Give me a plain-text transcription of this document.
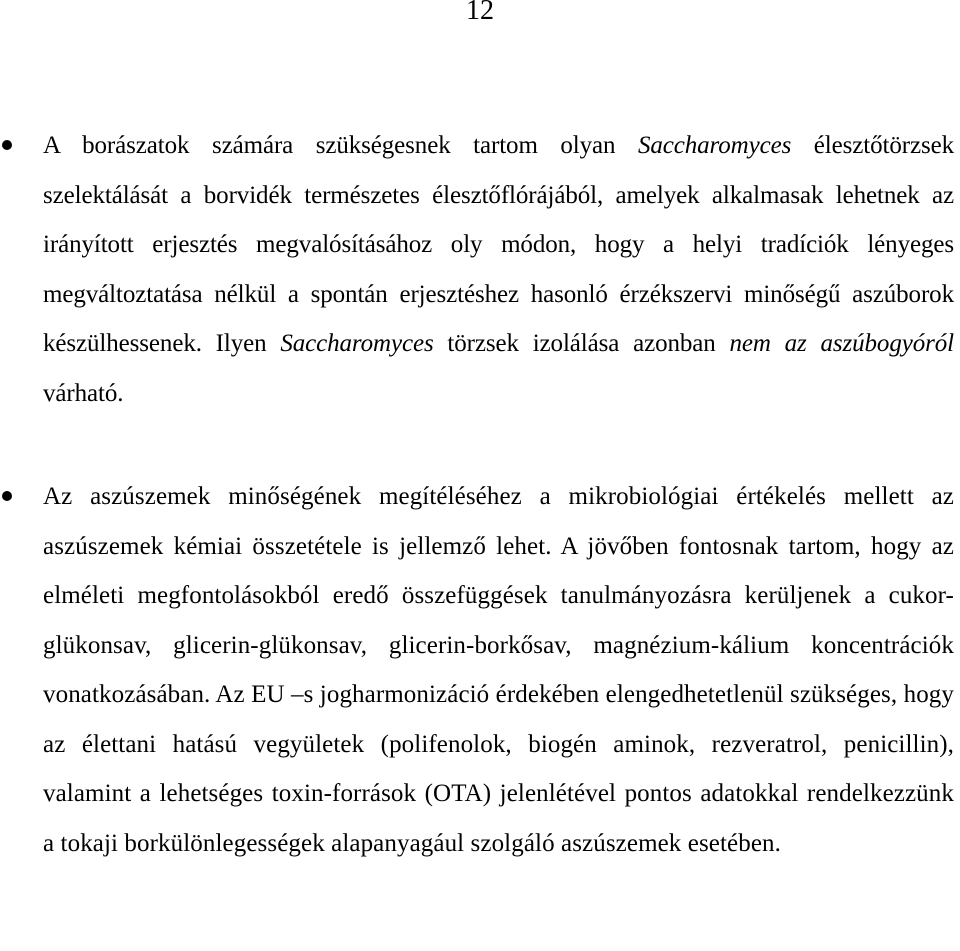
12

A borászatok számára szükségesnek tartom olyan Saccharomyces élesztőtörzsek szelektálását a borvidék természetes élesztőflórájából, amelyek alkalmasak lehetnek az irányított erjesztés megvalósításához oly módon, hogy a helyi tradíciók lényeges megváltoztatása nélkül a spontán erjesztéshez hasonló érzékszervi minőségű aszúborok készülhessenek. Ilyen Saccharomyces törzsek izolálása azonban nem az aszúbogyóról várható.

Az aszúszemek minőségének megítéléséhez a mikrobiológiai értékelés mellett az aszúszemek kémiai összetétele is jellemző lehet. A jövőben fontosnak tartom, hogy az elméleti megfontolásokból eredő összefüggések tanulmányozásra kerüljenek a cukor-glükonsav, glicerin-glükonsav, glicerin-borkősav, magnézium-kálium koncentrációk vonatkozásában. Az EU –s jogharmonizáció érdekében elengedhetetlenül szükséges, hogy az élettani hatású vegyületek (polifenolok, biogén aminok, rezveratrol, penicillin), valamint a lehetséges toxin-források (OTA) jelenlétével pontos adatokkal rendelkezzünk a tokaji borkülönlegességek alapanyagául szolgáló aszúszemek esetében.
